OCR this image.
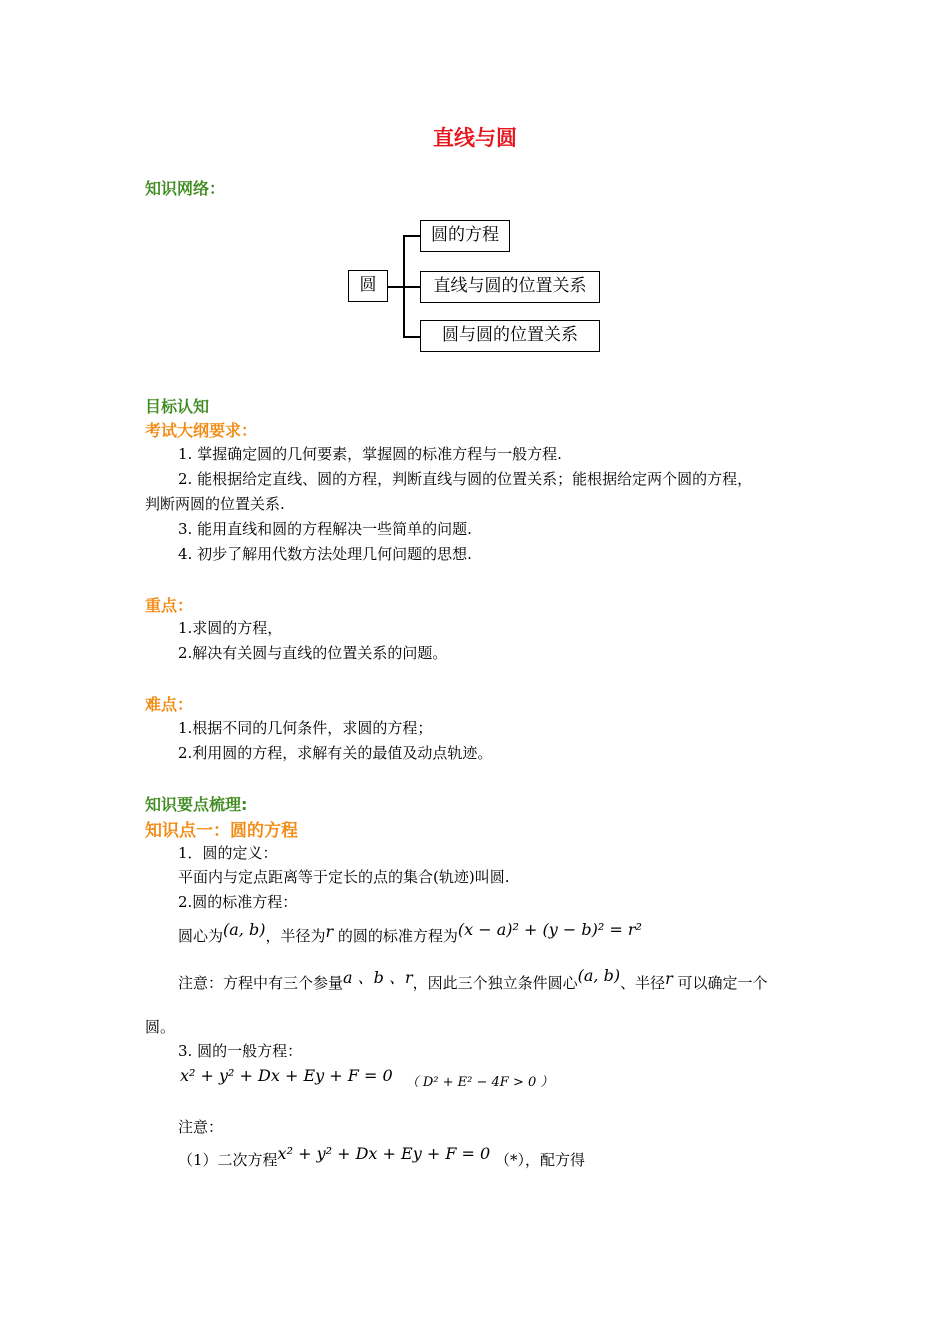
直线与圆
知识网络：
圆
圆的方程
直线与圆的位置关系
圆与圆的位置关系
目标认知
考试大纲要求：
1. 掌握确定圆的几何要素，掌握圆的标准方程与一般方程.
2. 能根据给定直线、圆的方程，判断直线与圆的位置关系；能根据给定两个圆的方程，
判断两圆的位置关系.
3. 能用直线和圆的方程解决一些简单的问题.
4. 初步了解用代数方法处理几何问题的思想.
重点：
1.求圆的方程，
2.解决有关圆与直线的位置关系的问题。
难点：
1.根据不同的几何条件，求圆的方程；
2.利用圆的方程，求解有关的最值及动点轨迹。
知识要点梳理:
知识点一：圆的方程
1．圆的定义：
平面内与定点距离等于定长的点的集合(轨迹)叫圆.
2.圆的标准方程：
圆心为(a, b)，半径为r 的圆的标准方程为(x − a)² + (y − b)² = r²
注意：方程中有三个参量a 、b 、r，因此三个独立条件圆心(a, b)、半径r 可以确定一个
圆。
3. 圆的一般方程：
x² + y² + Dx + Ey + F = 0 $_{( D^2 + E^2 - 4F > 0 )}$
注意：
（1）二次方程x² + y² + Dx + Ey + F = 0 （*），配方得
